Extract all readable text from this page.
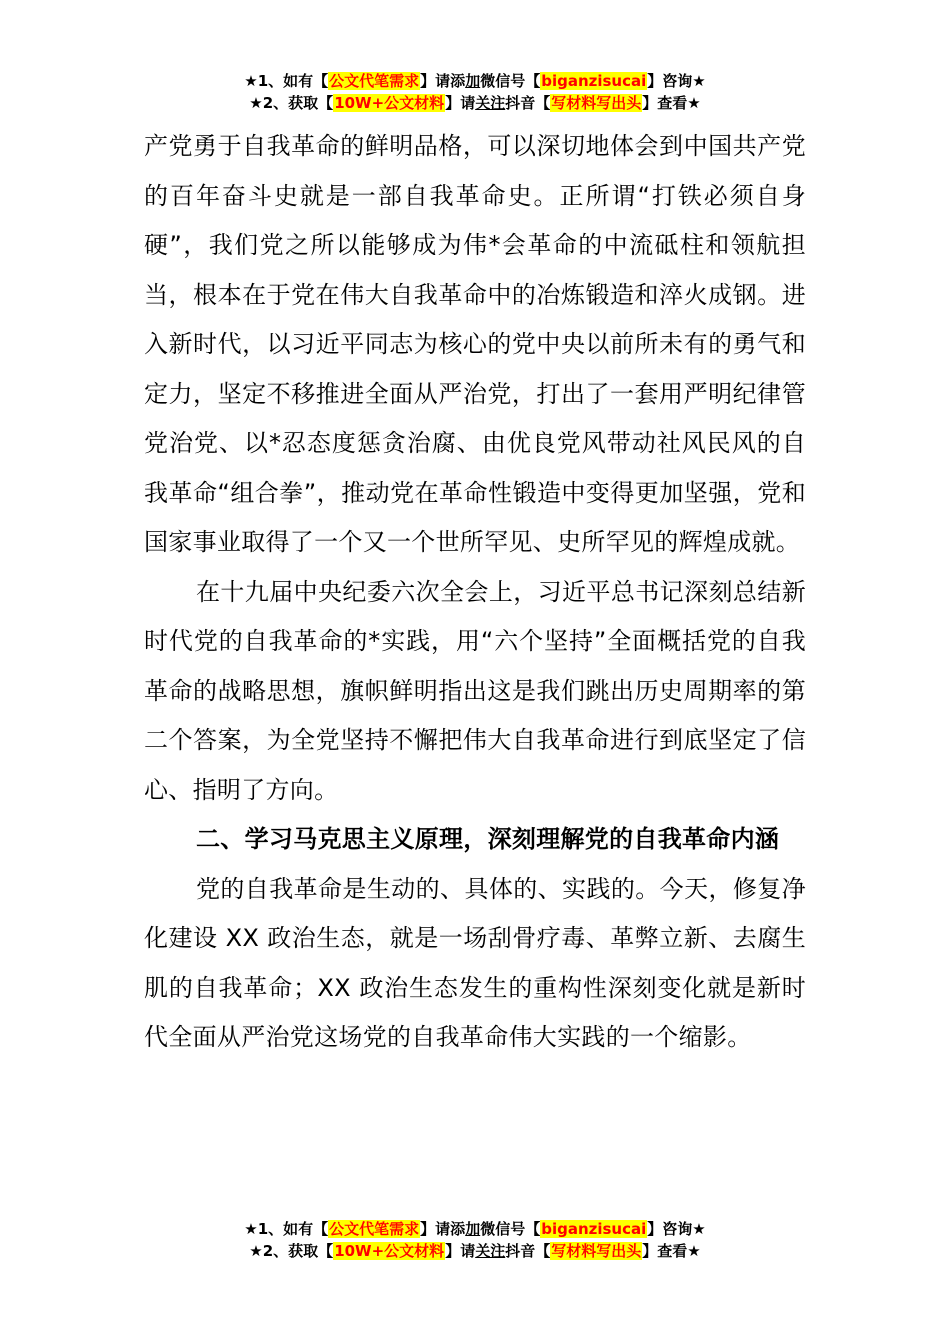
★1、如有【公文代笔需求】请添加微信号【biganzisucai】咨询★
★2、获取【10W+公文材料】请关注抖音【写材料写出头】查看★

产党勇于自我革命的鲜明品格，可以深切地体会到中国共产党的百年奋斗史就是一部自我革命史。正所谓“打铁必须自身硬”，我们党之所以能够成为伟*会革命的中流砥柱和领航担当，根本在于党在伟大自我革命中的冶炼锻造和淬火成钢。进入新时代，以习近平同志为核心的党中央以前所未有的勇气和定力，坚定不移推进全面从严治党，打出了一套用严明纪律管党治党、以*忍态度惩贪治腐、由优良党风带动社风民风的自我革命“组合拳”，推动党在革命性锻造中变得更加坚强，党和国家事业取得了一个又一个世所罕见、史所罕见的辉煌成就。

在十九届中央纪委六次全会上，习近平总书记深刻总结新时代党的自我革命的*实践，用“六个坚持”全面概括党的自我革命的战略思想，旗帜鲜明指出这是我们跳出历史周期率的第二个答案，为全党坚持不懈把伟大自我革命进行到底坚定了信心、指明了方向。

二、学习马克思主义原理，深刻理解党的自我革命内涵

党的自我革命是生动的、具体的、实践的。今天，修复净化建设 XX 政治生态，就是一场刮骨疗毒、革弊立新、去腐生肌的自我革命；XX 政治生态发生的重构性深刻变化就是新时代全面从严治党这场党的自我革命伟大实践的一个缩影。

★1、如有【公文代笔需求】请添加微信号【biganzisucai】咨询★
★2、获取【10W+公文材料】请关注抖音【写材料写出头】查看★
